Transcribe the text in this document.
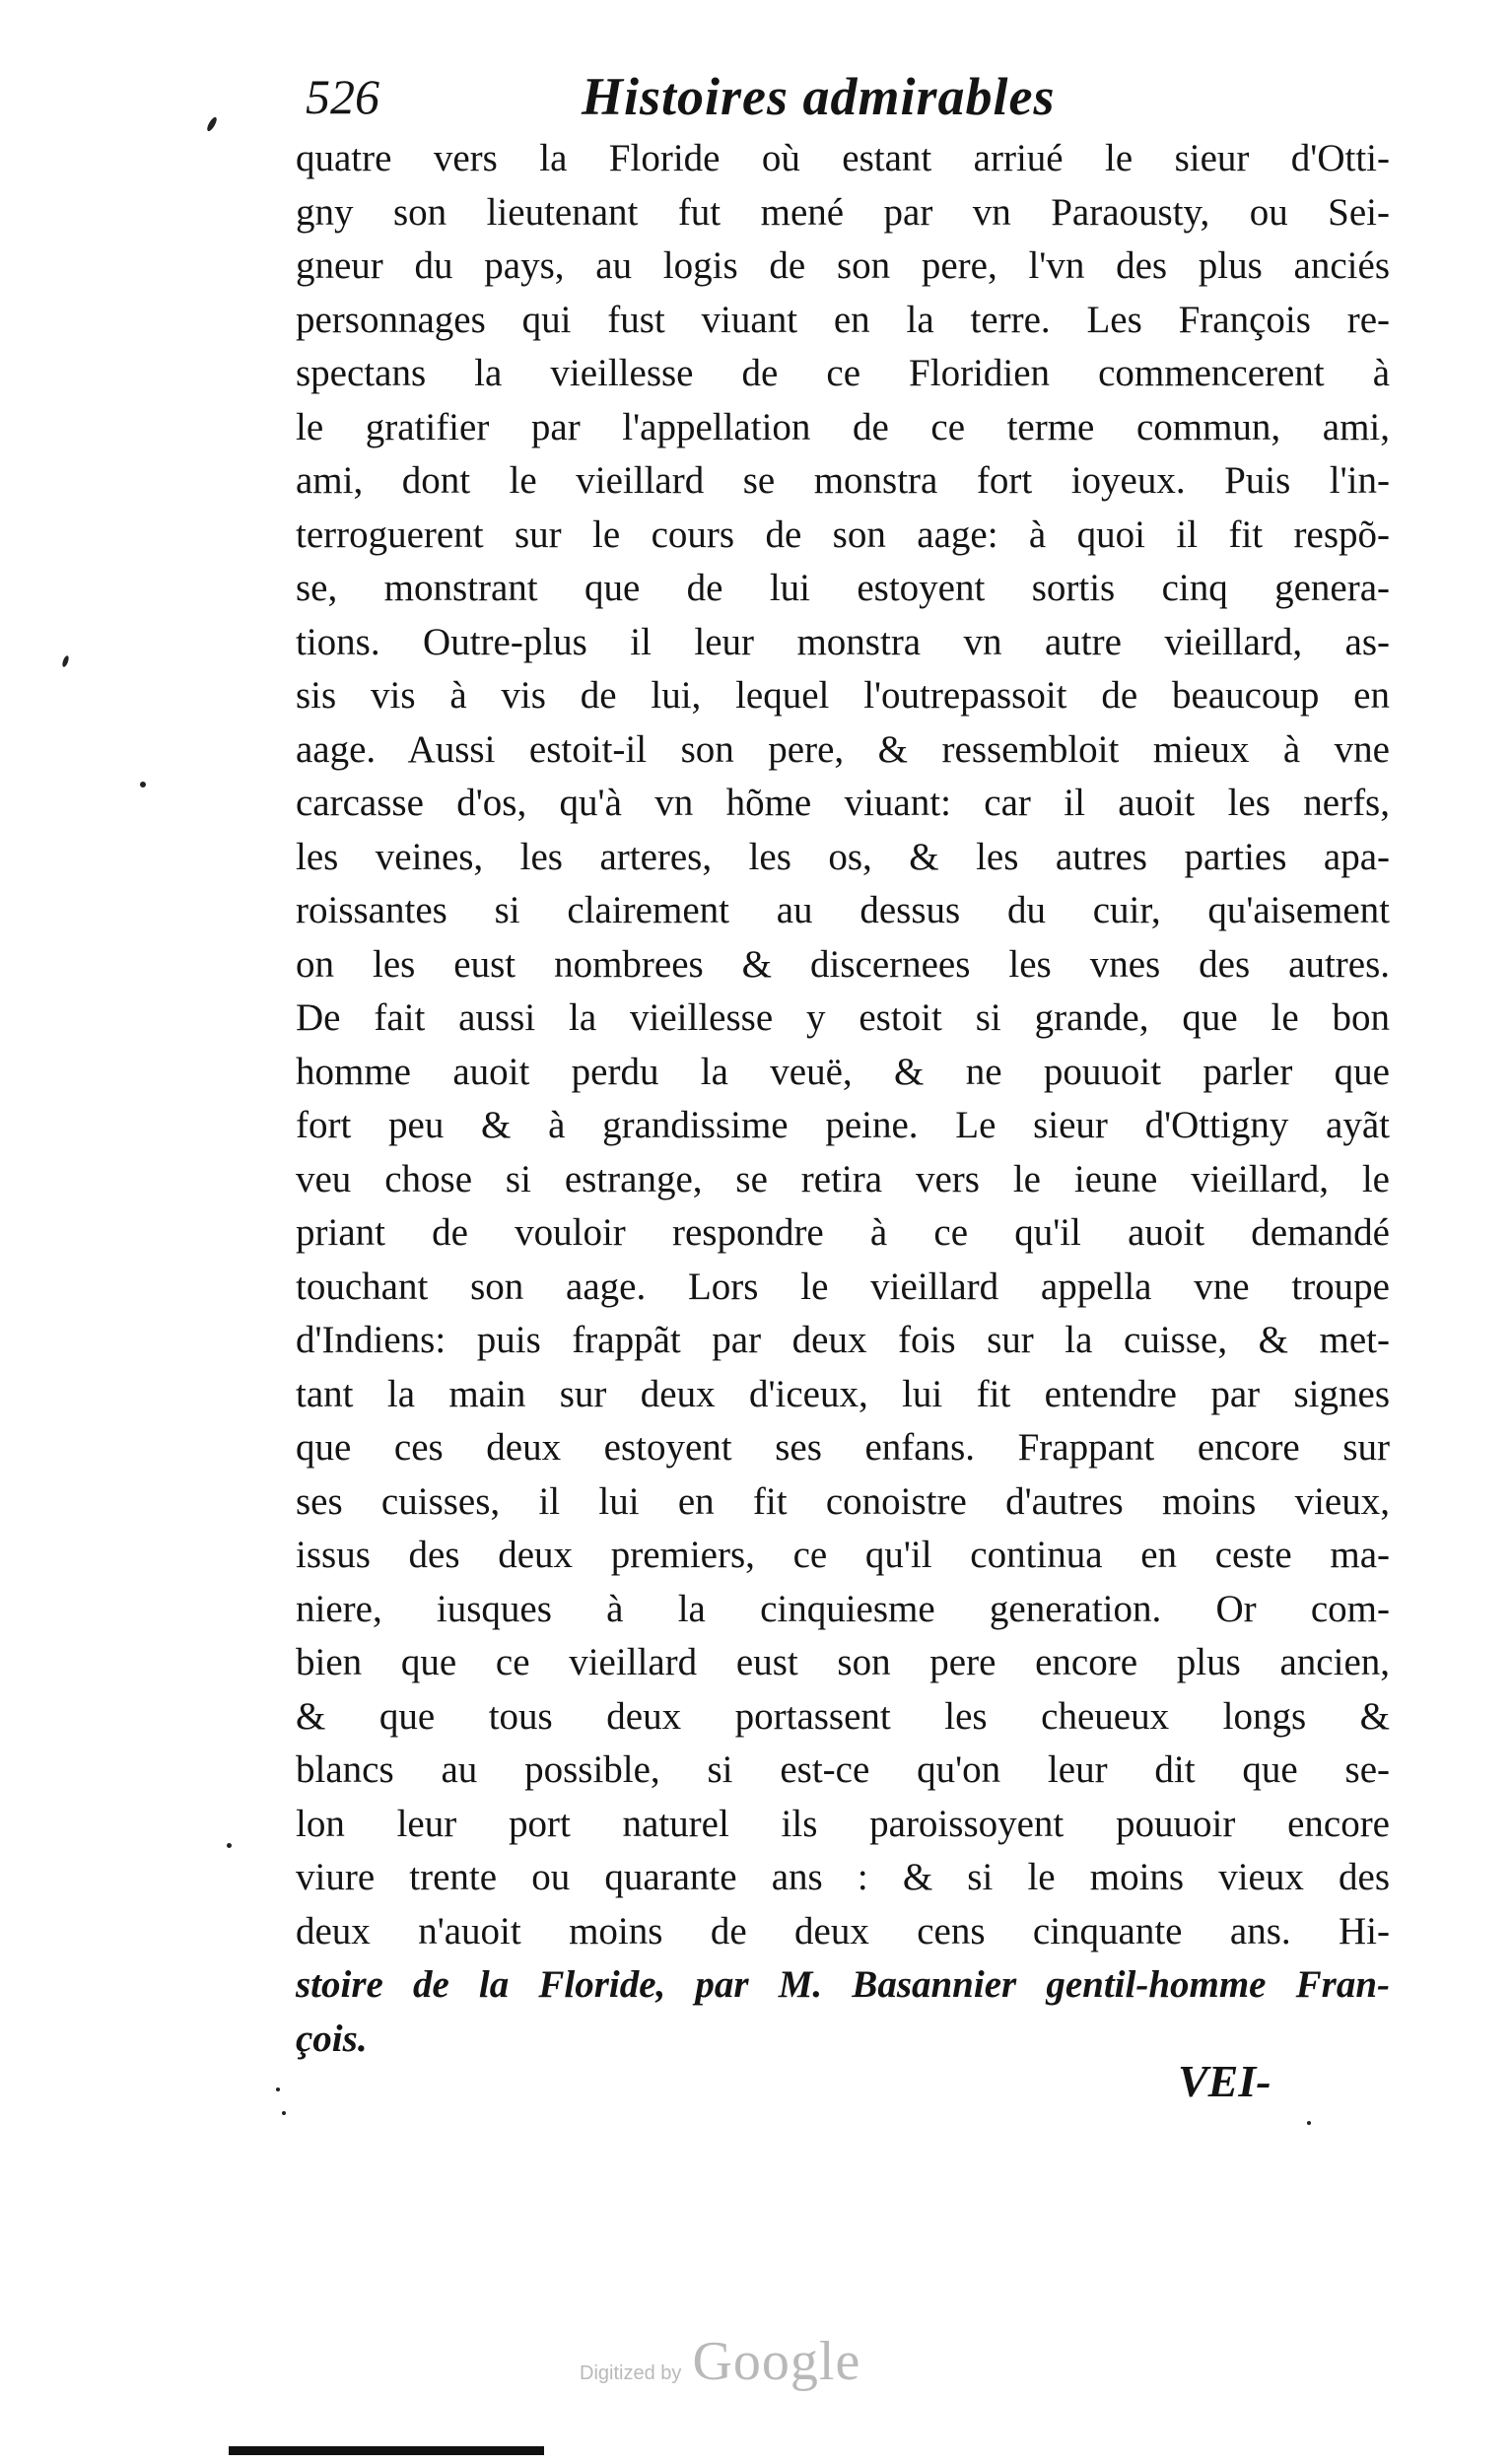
526	Histoires admirables
quatre vers la Floride où estant arriué le sieur d'Otti-
gny son lieutenant fut mené par vn Paraousty, ou Sei-
gneur du pays, au logis de son pere, l'vn des plus anciés
personnages qui fust viuant en la terre. Les François re-
spectans la vieillesse de ce Floridien commencerent à
le gratifier par l'appellation de ce terme commun, ami,
ami, dont le vieillard se monstra fort ioyeux. Puis l'in-
terroguerent sur le cours de son aage: à quoi il fit respõ-
se, monstrant que de lui estoyent sortis cinq genera-
tions. Outre-plus il leur monstra vn autre vieillard, as-
sis vis à vis de lui, lequel l'outrepassoit de beaucoup en
aage. Aussi estoit-il son pere, & ressembloit mieux à vne
carcasse d'os, qu'à vn hõme viuant: car il auoit les nerfs,
les veines, les arteres, les os, & les autres parties apa-
roissantes si clairement au dessus du cuir, qu'aisement
on les eust nombrees & discernees les vnes des autres.
De fait aussi la vieillesse y estoit si grande, que le bon
homme auoit perdu la veuë, & ne pouuoit parler que
fort peu & à grandissime peine. Le sieur d'Ottigny ayãt
veu chose si estrange, se retira vers le ieune vieillard, le
priant de vouloir respondre à ce qu'il auoit demandé
touchant son aage. Lors le vieillard appella vne troupe
d'Indiens: puis frappãt par deux fois sur la cuisse, & met-
tant la main sur deux d'iceux, lui fit entendre par signes
que ces deux estoyent ses enfans. Frappant encore sur
ses cuisses, il lui en fit conoistre d'autres moins vieux,
issus des deux premiers, ce qu'il continua en ceste ma-
niere, iusques à la cinquiesme generation. Or com-
bien que ce vieillard eust son pere encore plus ancien,
& que tous deux portassent les cheueux longs &
blancs au possible, si est-ce qu'on leur dit que se-
lon leur port naturel ils paroissoyent pouuoir encore
viure trente ou quarante ans : & si le moins vieux des
deux n'auoit moins de deux cens cinquante ans. Hi-
stoire de la Floride, par M. Basannier gentil-homme Fran-
çois.
VEI-
Digitized by Google
